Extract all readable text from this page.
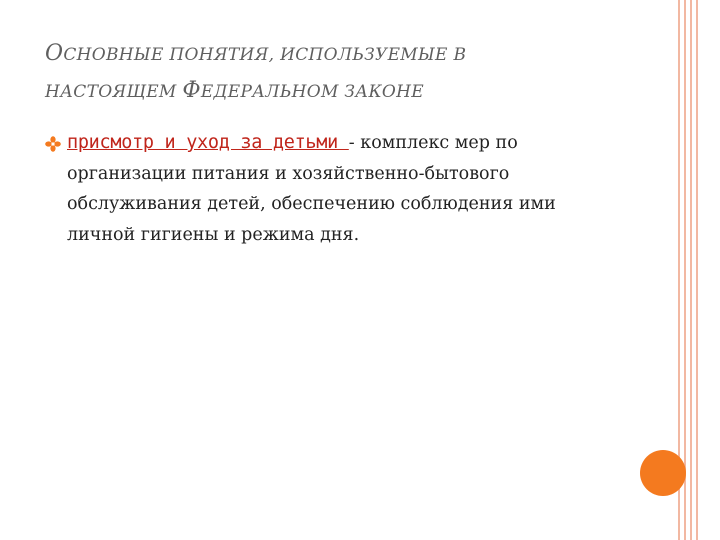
ОСНОВНЫЕ ПОНЯТИЯ, ИСПОЛЬЗУЕМЫЕ В
НАСТОЯЩЕМ ФЕДЕРАЛЬНОМ ЗАКОНЕ
присмотр и уход за детьми - комплекс мер по организации питания и хозяйственно-бытового обслуживания детей, обеспечению соблюдения ими личной гигиены и режима дня.
